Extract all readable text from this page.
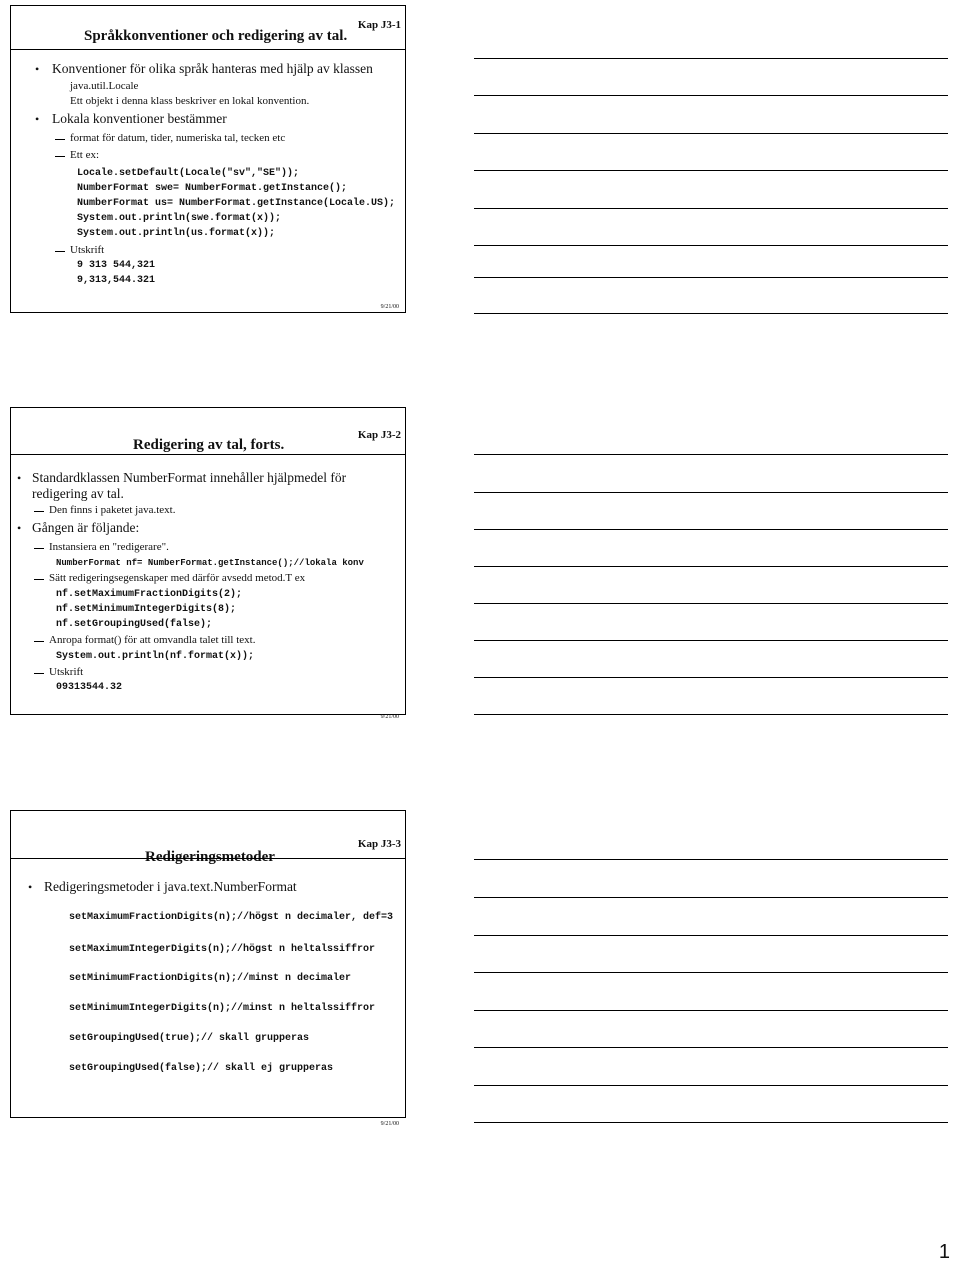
Språkkonventioner och redigering av tal.
Kap J3-1
• Konventioner för olika språk hanteras med hjälp av klassen
java.util.Locale
Ett objekt i denna klass beskriver en lokal konvention.
• Lokala konventioner bestämmer
format för datum, tider, numeriska tal, tecken etc
Ett ex:
Locale.setDefault(Locale("sv","SE"));
NumberFormat swe= NumberFormat.getInstance();
NumberFormat us= NumberFormat.getInstance(Locale.US);
System.out.println(swe.format(x));
System.out.println(us.format(x));
Utskrift
9 313 544,321
9,313,544.321
9/21/00
Redigering av tal, forts.
Kap J3-2
• Standardklassen NumberFormat innehåller hjälpmedel för
redigering av tal.
Den finns i paketet java.text.
• Gången är följande:
Instansiera en "redigerare".
NumberFormat nf= NumberFormat.getInstance();//lokala konv
Sätt redigeringsegenskaper med därför avsedd metod.T ex
nf.setMaximumFractionDigits(2);
nf.setMinimumIntegerDigits(8);
nf.setGroupingUsed(false);
Anropa format() för att omvandla talet till text.
System.out.println(nf.format(x));
Utskrift
09313544.32
9/21/00
Redigeringsmetoder
Kap J3-3
• Redigeringsmetoder i java.text.NumberFormat
setMaximumFractionDigits(n);//högst n decimaler, def=3
setMaximumIntegerDigits(n);//högst n heltalssiffror
setMinimumFractionDigits(n);//minst n decimaler
setMinimumIntegerDigits(n);//minst n heltalssiffror
setGroupingUsed(true);// skall grupperas
setGroupingUsed(false);// skall ej grupperas
9/21/00
1
